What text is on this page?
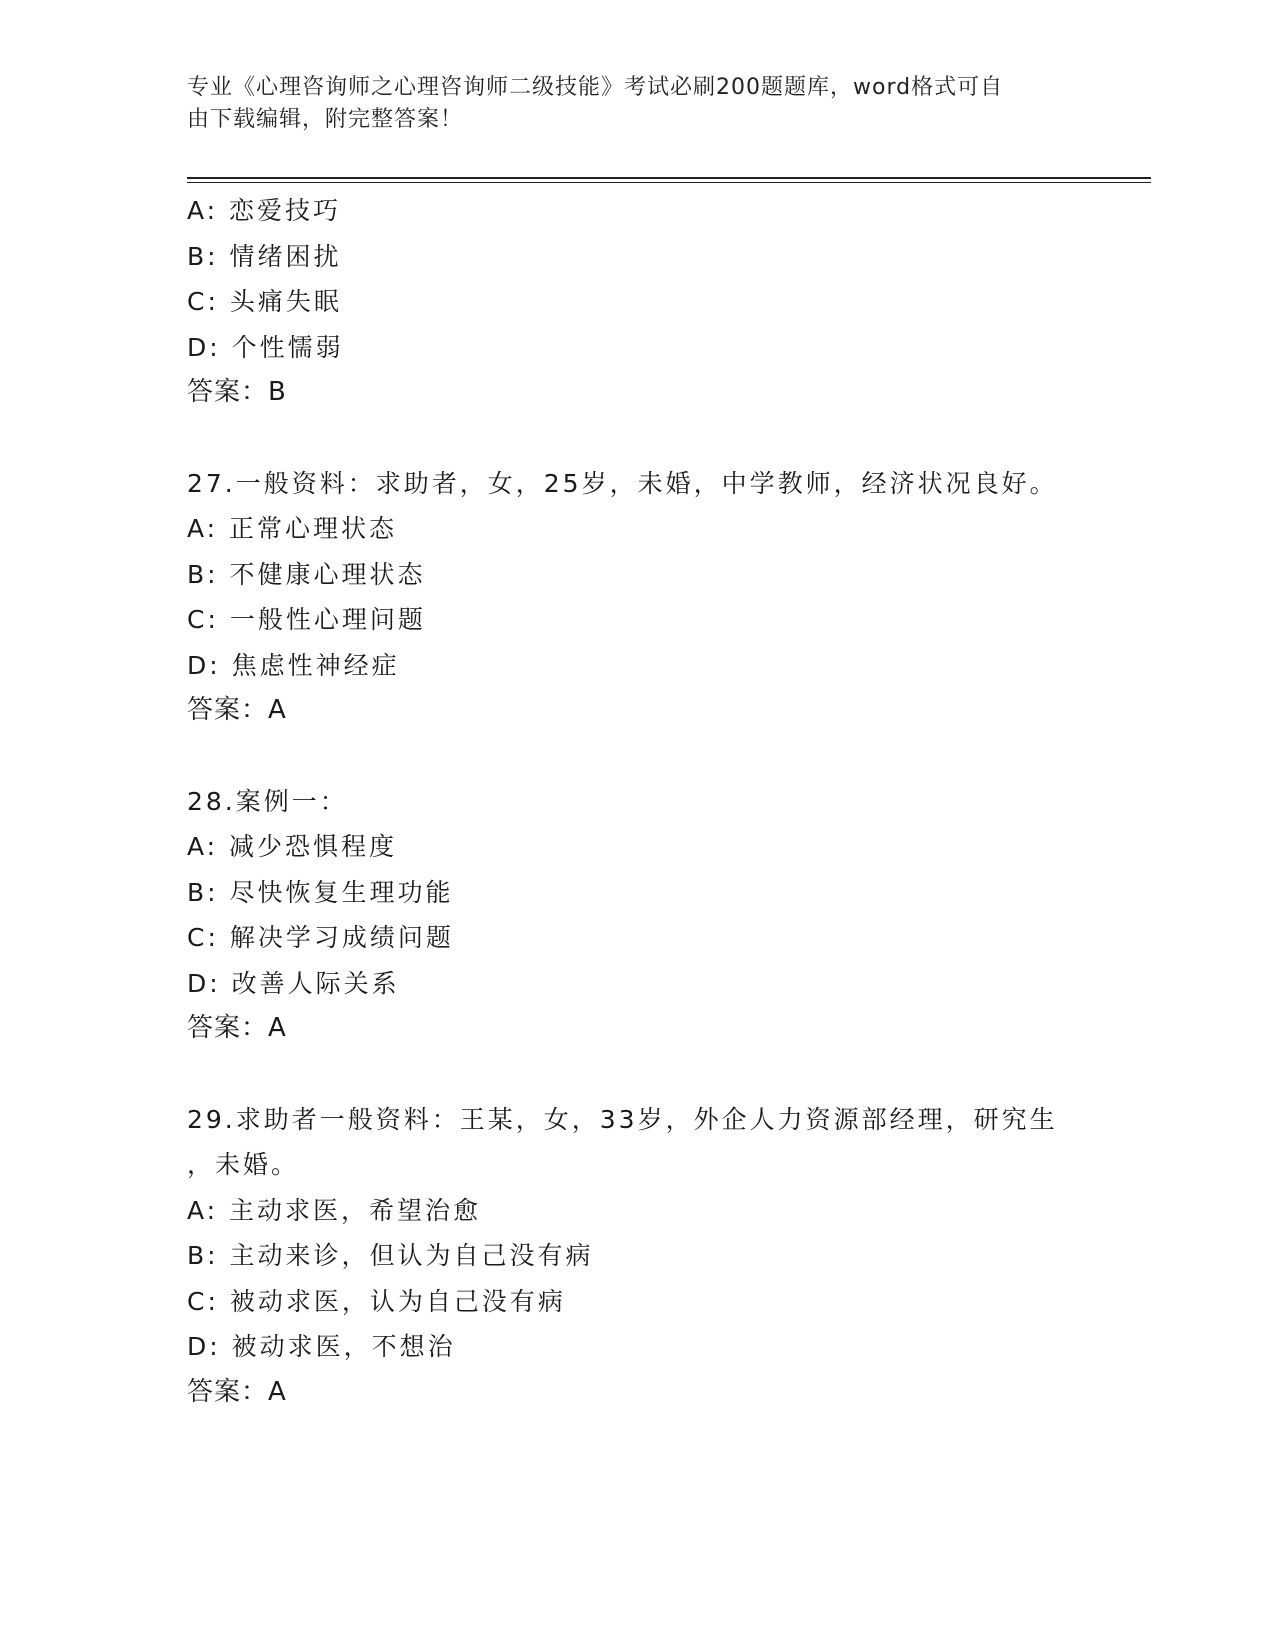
专业《心理咨询师之心理咨询师二级技能》考试必刷200题题库，word格式可自
由下载编辑，附完整答案！
A: 恋爱技巧
B: 情绪困扰
C: 头痛失眠
D: 个性懦弱
答案：B
27.一般资料：求助者，女，25岁，未婚，中学教师，经济状况良好。
A: 正常心理状态
B: 不健康心理状态
C: 一般性心理问题
D: 焦虑性神经症
答案：A
28.案例一：
A: 减少恐惧程度
B: 尽快恢复生理功能
C: 解决学习成绩问题
D: 改善人际关系
答案：A
29.求助者一般资料：王某，女，33岁，外企人力资源部经理，研究生
，未婚。
A: 主动求医，希望治愈
B: 主动来诊，但认为自己没有病
C: 被动求医，认为自己没有病
D: 被动求医，不想治
答案：A
